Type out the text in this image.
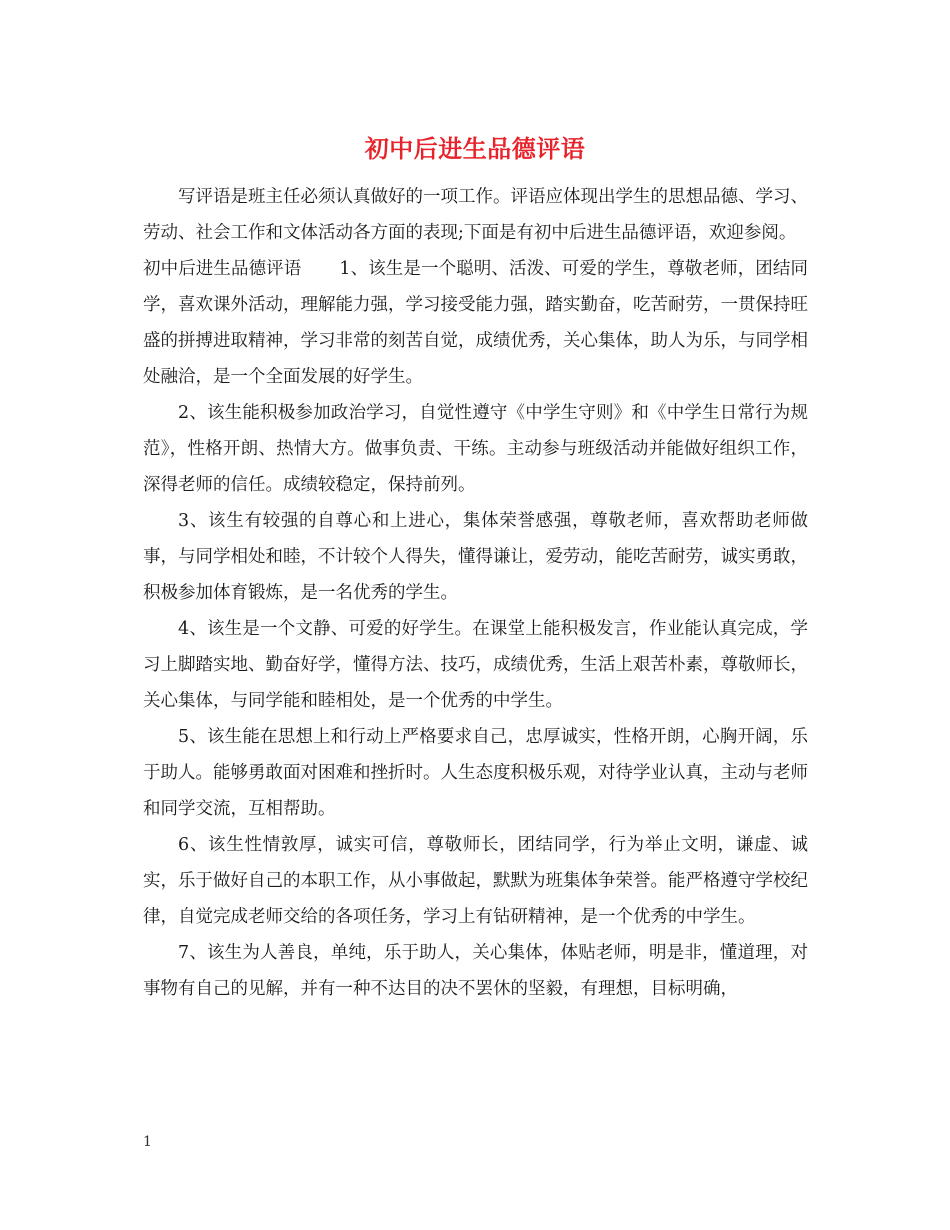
初中后进生品德评语

写评语是班主任必须认真做好的一项工作。评语应体现出学生的思想品德、学习、劳动、社会工作和文体活动各方面的表现;下面是有初中后进生品德评语，欢迎参阅。

初中后进生品德评语 1、该生是一个聪明、活泼、可爱的学生，尊敬老师，团结同学，喜欢课外活动，理解能力强，学习接受能力强，踏实勤奋，吃苦耐劳，一贯保持旺盛的拼搏进取精神，学习非常的刻苦自觉，成绩优秀，关心集体，助人为乐，与同学相处融洽，是一个全面发展的好学生。

2、该生能积极参加政治学习，自觉性遵守《中学生守则》和《中学生日常行为规范》，性格开朗、热情大方。做事负责、干练。主动参与班级活动并能做好组织工作，深得老师的信任。成绩较稳定，保持前列。

3、该生有较强的自尊心和上进心，集体荣誉感强，尊敬老师，喜欢帮助老师做事，与同学相处和睦，不计较个人得失，懂得谦让，爱劳动，能吃苦耐劳，诚实勇敢，积极参加体育锻炼，是一名优秀的学生。

4、该生是一个文静、可爱的好学生。在课堂上能积极发言，作业能认真完成，学习上脚踏实地、勤奋好学，懂得方法、技巧，成绩优秀，生活上艰苦朴素，尊敬师长，关心集体，与同学能和睦相处，是一个优秀的中学生。

5、该生能在思想上和行动上严格要求自己，忠厚诚实，性格开朗，心胸开阔，乐于助人。能够勇敢面对困难和挫折时。人生态度积极乐观，对待学业认真，主动与老师和同学交流，互相帮助。

6、该生性情敦厚，诚实可信，尊敬师长，团结同学，行为举止文明，谦虚、诚实，乐于做好自己的本职工作，从小事做起，默默为班集体争荣誉。能严格遵守学校纪律，自觉完成老师交给的各项任务，学习上有钻研精神，是一个优秀的中学生。

7、该生为人善良，单纯，乐于助人，关心集体，体贴老师，明是非，懂道理，对事物有自己的见解，并有一种不达目的决不罢休的坚毅，有理想，目标明确，

1
